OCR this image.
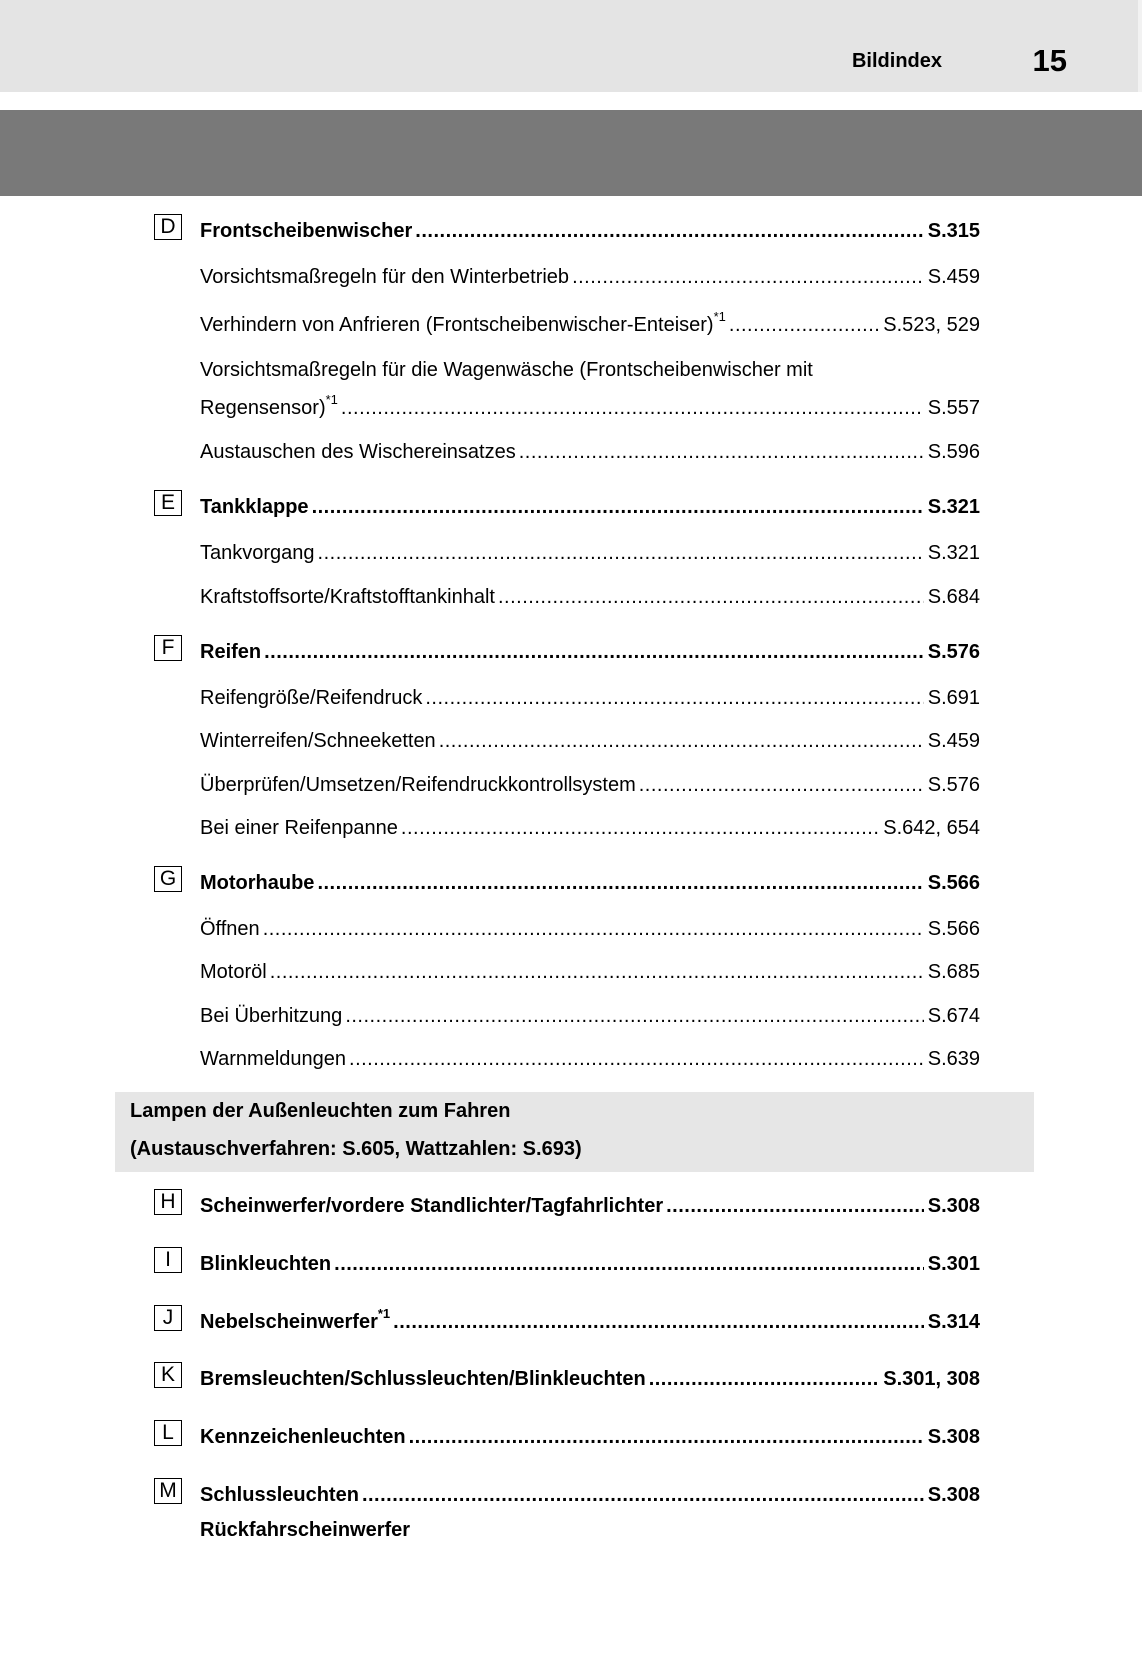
Bildindex	15
D	Frontscheibenwischer .....	S.315
Vorsichtsmaßregeln für den Winterbetrieb .....	S.459
Verhindern von Anfrieren (Frontscheibenwischer-Enteiser)$^{*1}$ .....	S.523, 529
Vorsichtsmaßregeln für die Wagenwäsche (Frontscheibenwischer mit
Regensensor)$^{*1}$ .....	S.557
Austauschen des Wischereinsatzes .....	S.596
E	Tankklappe .....	S.321
Tankvorgang .....	S.321
Kraftstoffsorte/Kraftstofftankinhalt .....	S.684
F	Reifen .....	S.576
Reifengröße/Reifendruck .....	S.691
Winterreifen/Schneeketten .....	S.459
Überprüfen/Umsetzen/Reifendruckkontrollsystem .....	S.576
Bei einer Reifenpanne .....	S.642, 654
G Motorhaube .....	S.566
Öffnen .....	S.566
Motoröl .....	S.685
Bei Überhitzung .....	S.674
Warnmeldungen .....	S.639
Lampen der Außenleuchten zum Fahren
(Austauschverfahren: S.605, Wattzahlen: S.693)
H	Scheinwerfer/vordere Standlichter/Tagfahrlichter .....	S.308
I	Blinkleuchten .....	S.301
J	Nebelscheinwerfer$^{*1}$ .....	S.314
K	Bremsleuchten/Schlussleuchten/Blinkleuchten .....	S.301, 308
L	Kennzeichenleuchten .....	S.308
M Schlussleuchten .....	S.308
Rückfahrscheinwerfer
